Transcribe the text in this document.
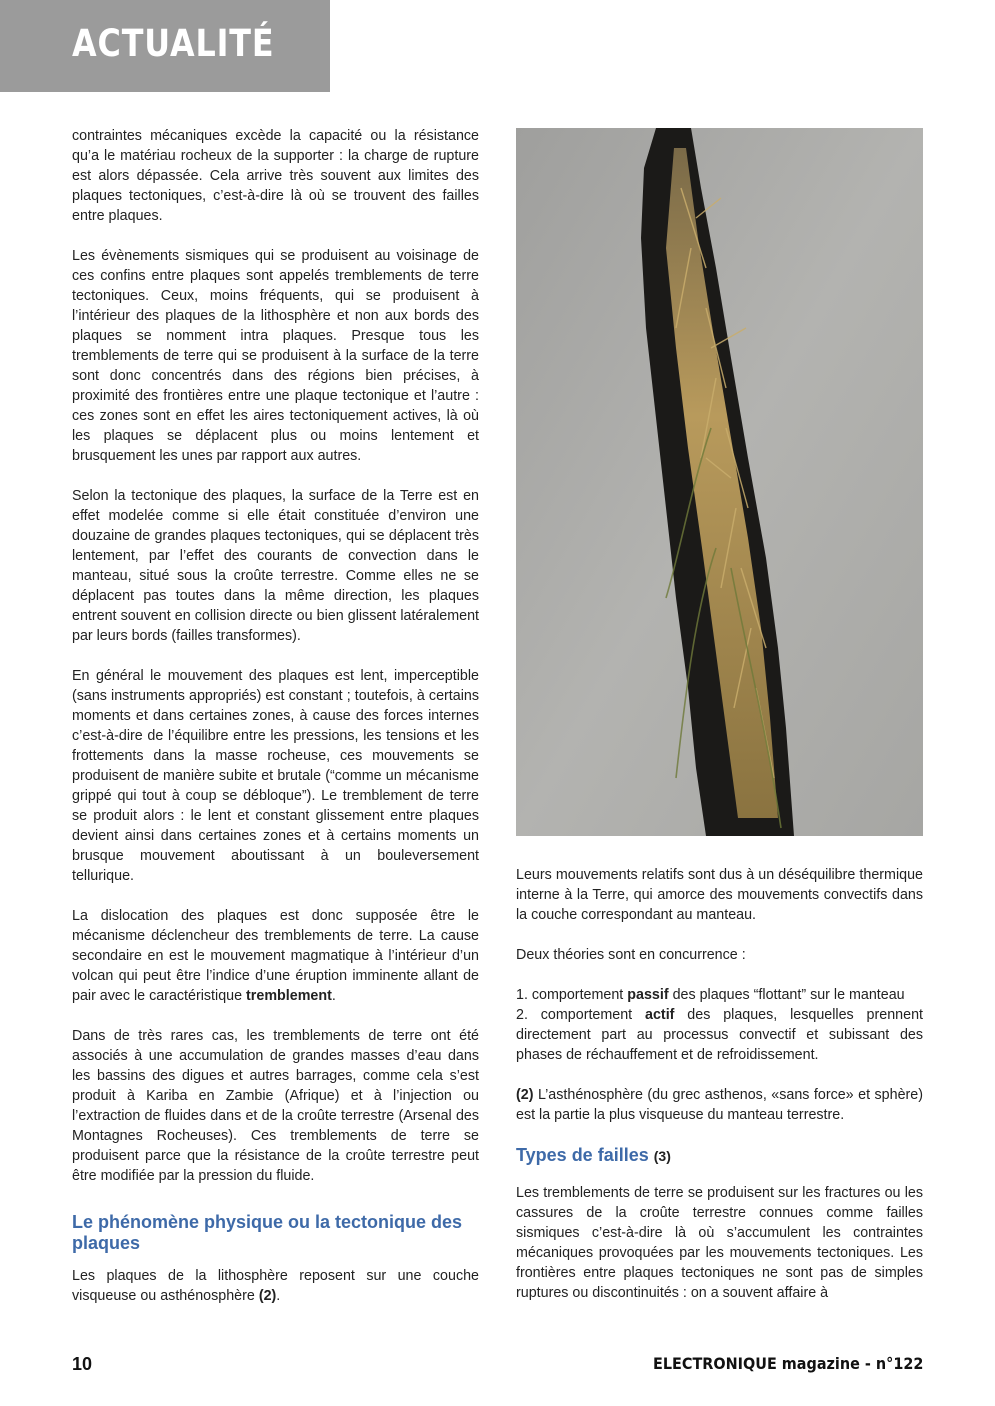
ACTUALITÉ

contraintes mécaniques excède la capacité ou la résistance qu’a le matériau rocheux de la supporter : la charge de rupture est alors dépassée. Cela arrive très souvent aux limites des plaques tectoniques, c’est-à-dire là où se trouvent des failles entre plaques.

Les évènements sismiques qui se produisent au voisinage de ces confins entre plaques sont appelés tremblements de terre tectoniques. Ceux, moins fréquents, qui se produisent à l’intérieur des plaques de la lithosphère et non aux bords des plaques se nomment intra plaques. Presque tous les tremblements de terre qui se produisent à la surface de la terre sont donc concentrés dans des régions bien précises, à proximité des frontières entre une plaque tectonique et l’autre : ces zones sont en effet les aires tectoniquement actives, là où les plaques se déplacent plus ou moins lentement et brusquement les unes par rapport aux autres.

Selon la tectonique des plaques, la surface de la Terre est en effet modelée comme si elle était constituée d’environ une douzaine de grandes plaques tectoniques, qui se déplacent très lentement, par l’effet des courants de convection dans le manteau, situé sous la croûte terrestre. Comme elles ne se déplacent pas toutes dans la même direction, les plaques entrent souvent en collision directe ou bien glissent latéralement par leurs bords (failles transformes).

En général le mouvement des plaques est lent, imperceptible (sans instruments appropriés) est constant ; toutefois, à certains moments et dans certaines zones, à cause des forces internes c’est-à-dire de l’équilibre entre les pressions, les tensions et les frottements dans la masse rocheuse, ces mouvements se produisent de manière subite et brutale (“comme un mécanisme grippé qui tout à coup se débloque”). Le tremblement de terre se produit alors : le lent et constant glissement entre plaques devient ainsi dans certaines zones et à certains moments un brusque mouvement aboutissant à un bouleversement tellurique.

La dislocation des plaques est donc supposée être le mécanisme déclencheur des tremblements de terre. La cause secondaire en est le mouvement magmatique à l’intérieur d’un volcan qui peut être l’indice d’une éruption imminente allant de pair avec le caractéristique tremblement.

Dans de très rares cas, les tremblements de terre ont été associés à une accumulation de grandes masses d’eau dans les bassins des digues et autres barrages, comme cela s’est produit à Kariba en Zambie (Afrique) et à l’injection ou l’extraction de fluides dans et de la croûte terrestre (Arsenal des Montagnes Rocheuses). Ces tremblements de terre se produisent parce que la résistance de la croûte terrestre peut être modifiée par la pression du fluide.

Le phénomène physique ou la tectonique des plaques

Les plaques de la lithosphère reposent sur une couche visqueuse ou asthénosphère (2).

Leurs mouvements relatifs sont dus à un déséquilibre thermique interne à la Terre, qui amorce des mouvements convectifs dans la couche correspondant au manteau.

Deux théories sont en concurrence :

1. comportement passif des plaques “flottant” sur le manteau
2. comportement actif des plaques, lesquelles prennent directement part au processus convectif et subissant des phases de réchauffement et de refroidissement.

(2) L’asthénosphère (du grec asthenos, «sans force» et sphère) est la partie la plus visqueuse du manteau terrestre.

Types de failles (3)

Les tremblements de terre se produisent sur les fractures ou les cassures de la croûte terrestre connues comme failles sismiques c’est-à-dire là où s’accumulent les contraintes mécaniques provoquées par les mouvements tectoniques. Les frontières entre plaques tectoniques ne sont pas de simples ruptures ou discontinuités : on a souvent affaire à

10	ELECTRONIQUE magazine - n°122
